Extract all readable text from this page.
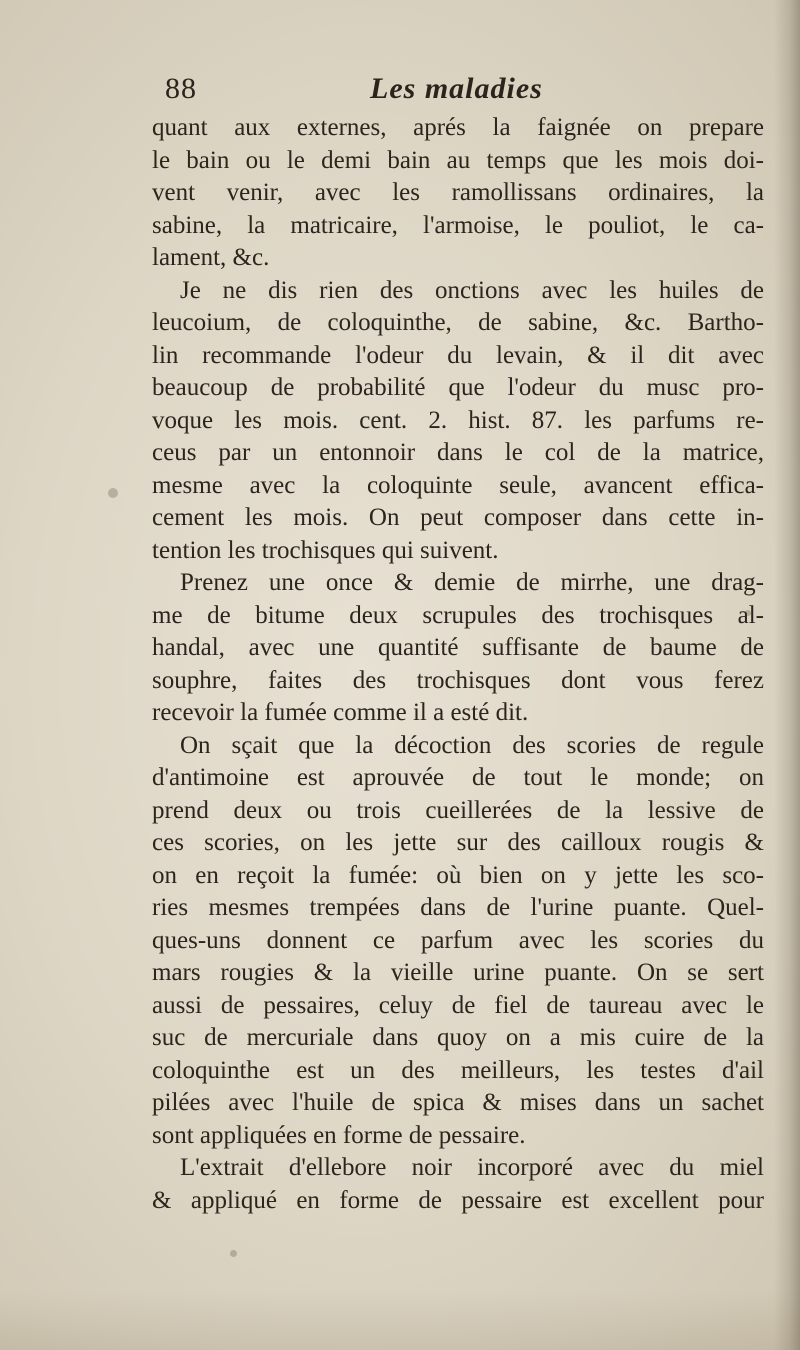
88	Les maladies
quant aux externes, aprés la faignée on prepare
le bain ou le demi bain au temps que les mois doi-
vent venir, avec les ramollissans ordinaires, la
sabine, la matricaire, l'armoise, le pouliot, le ca-
lament, &c.
Je ne dis rien des onctions avec les huiles de
leucoium, de coloquinthe, de sabine, &c. Bartho-
lin recommande l'odeur du levain, & il dit avec
beaucoup de probabilité que l'odeur du musc pro-
voque les mois. cent. 2. hist. 87. les parfums re-
ceus par un entonnoir dans le col de la matrice,
mesme avec la coloquinte seule, avancent effica-
cement les mois. On peut composer dans cette in-
tention les trochisques qui suivent.
Prenez une once & demie de mirrhe, une drag-
me de bitume deux scrupules des trochisques al-
handal, avec une quantité suffisante de baume de
souphre, faites des trochisques dont vous ferez
recevoir la fumée comme il a esté dit.
On sçait que la décoction des scories de regule
d'antimoine est aprouvée de tout le monde; on
prend deux ou trois cueillerées de la lessive de
ces scories, on les jette sur des cailloux rougis &
on en reçoit la fumée: où bien on y jette les sco-
ries mesmes trempées dans de l'urine puante. Quel-
ques-uns donnent ce parfum avec les scories du
mars rougies & la vieille urine puante. On se sert
aussi de pessaires, celuy de fiel de taureau avec le
suc de mercuriale dans quoy on a mis cuire de la
coloquinthe est un des meilleurs, les testes d'ail
pilées avec l'huile de spica & mises dans un sachet
sont appliquées en forme de pessaire.
L'extrait d'ellebore noir incorporé avec du miel
& appliqué en forme de pessaire est excellent pour
